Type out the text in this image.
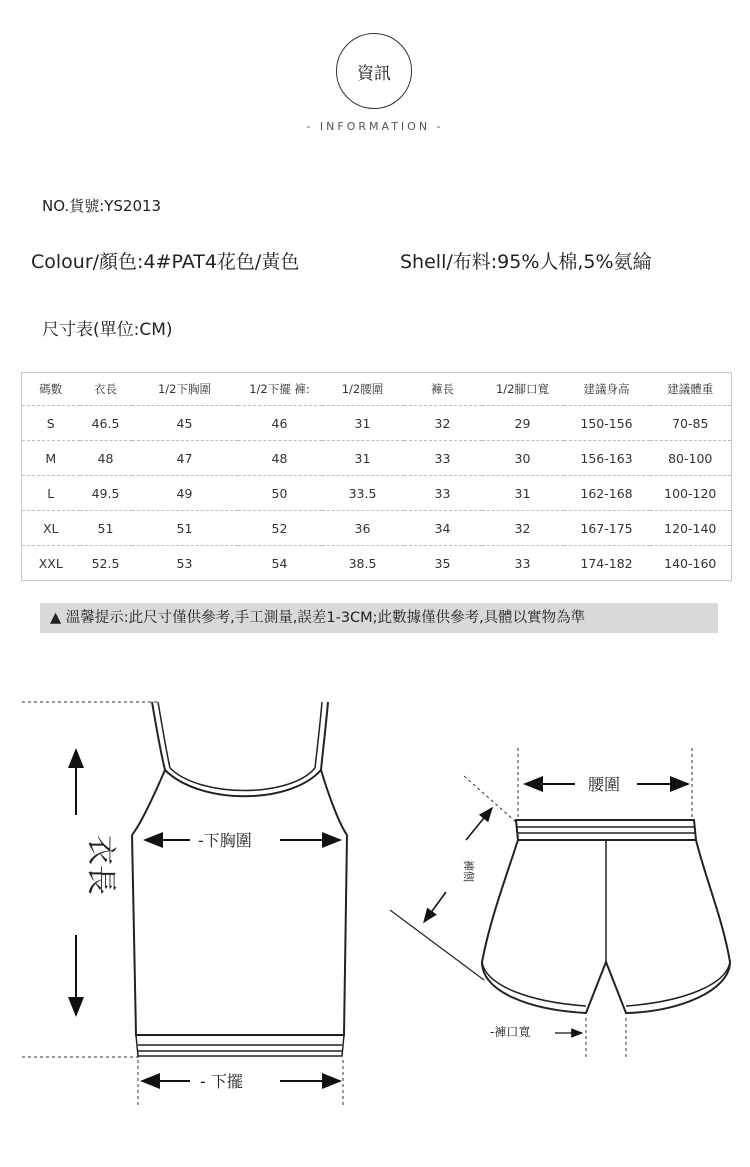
資訊
- INFORMATION -
NO.貨號:YS2013
Colour/顏色:4#PAT4花色/黃色	Shell/布料:95%人棉,5%氨綸
尺寸表(單位:CM)
碼數	衣長	1/2下胸圍	1/2下擺 褲:	1/2腰圍	褲長	1/2腳口寬	建議身高	建議體重
S	46.5	45	46	31	32	29	150-156	70-85
M	48	47	48	31	33	30	156-163	80-100
L	49.5	49	50	33.5	33	31	162-168	100-120
XL	51	51	52	36	34	32	167-175	120-140
XXL	52.5	53	54	38.5	35	33	174-182	140-160
▲ 溫馨提示:此尺寸僅供參考,手工測量,誤差1-3CM;此數據僅供參考,具體以實物為準
衣長	-下胸圍
- 下擺
腰圍
褲側
-褲口寬
